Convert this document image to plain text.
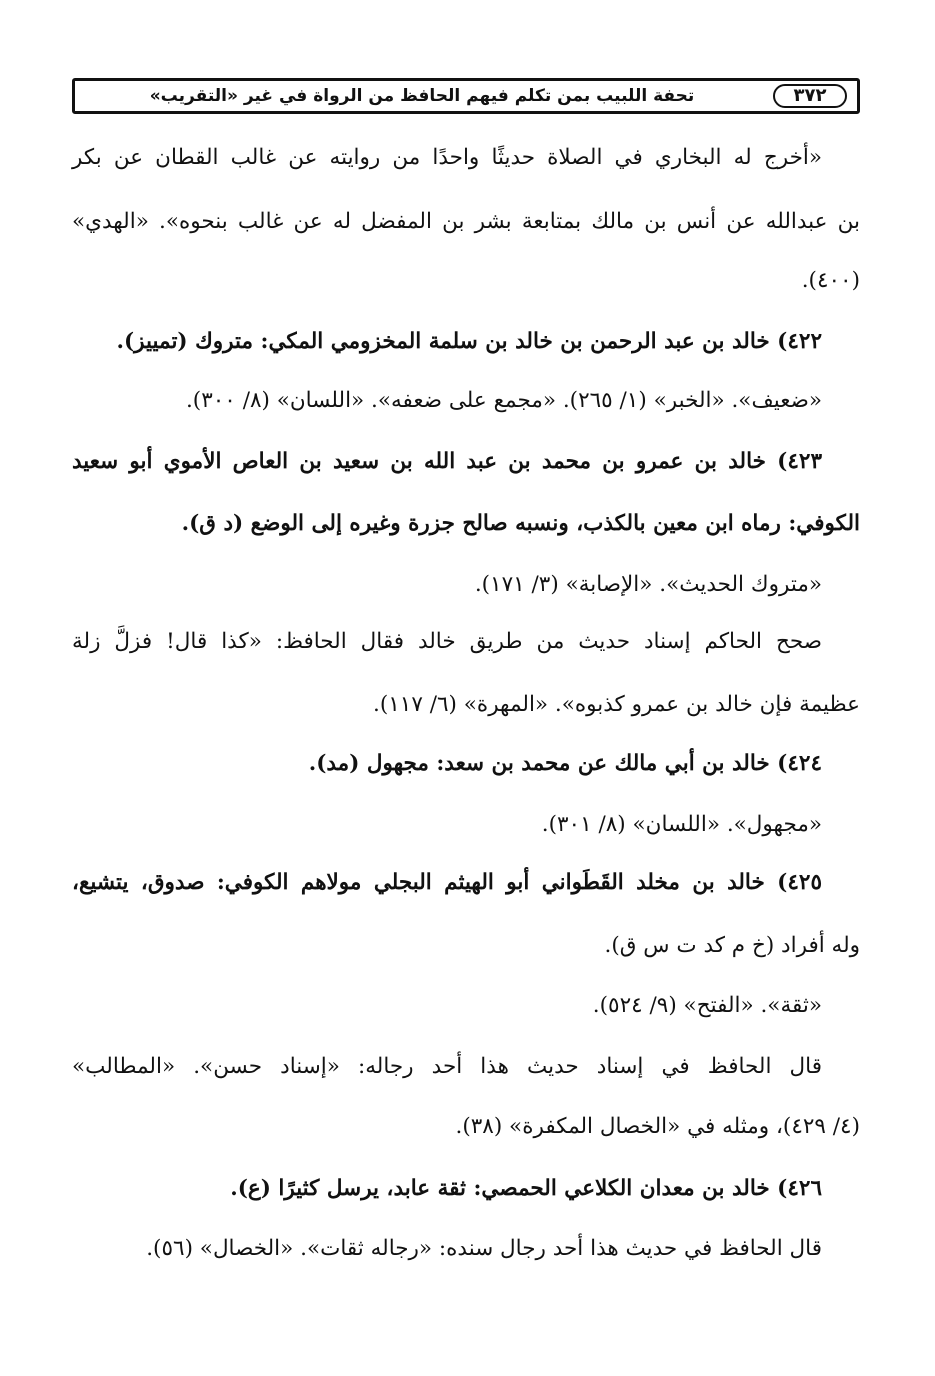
٣٧٢
تحفة اللبيب بمن تكلم فيهم الحافظ من الرواة في غير «التقريب»
«أخرج له البخاري في الصلاة حديثًا واحدًا من روايته عن غالب القطان عن بكر
بن عبدالله عن أنس بن مالك بمتابعة بشر بن المفضل له عن غالب بنحوه». «الهدي»
(٤٠٠).
٤٢٢) خالد بن عبد الرحمن بن خالد بن سلمة المخزومي المكي: متروك (تمييز).
«ضعيف». «الخبر» (١/ ٢٦٥). «مجمع على ضعفه». «اللسان» (٨/ ٣٠٠).
٤٢٣) خالد بن عمرو بن محمد بن عبد الله بن سعيد بن العاص الأموي أبو سعيد
الكوفي: رماه ابن معين بالكذب، ونسبه صالح جزرة وغيره إلى الوضع (د ق).
«متروك الحديث». «الإصابة» (٣/ ١٧١).
صحح الحاكم إسناد حديث من طريق خالد فقال الحافظ: «كذا قال! فزلَّ زلة
عظيمة فإن خالد بن عمرو كذبوه». «المهرة» (٦/ ١١٧).
٤٢٤) خالد بن أبي مالك عن محمد بن سعد: مجهول (مد).
«مجهول». «اللسان» (٨/ ٣٠١).
٤٢٥) خالد بن مخلد القَطَواني أبو الهيثم البجلي مولاهم الكوفي: صدوق، يتشيع،
وله أفراد (خ م كد ت س ق).
«ثقة». «الفتح» (٩/ ٥٢٤).
قال الحافظ في إسناد حديث هذا أحد رجاله: «إسناد حسن». «المطالب»
(٤/ ٤٢٩)، ومثله في «الخصال المكفرة» (٣٨).
٤٢٦) خالد بن معدان الكلاعي الحمصي: ثقة عابد، يرسل كثيرًا (ع).
قال الحافظ في حديث هذا أحد رجال سنده: «رجاله ثقات». «الخصال» (٥٦).
